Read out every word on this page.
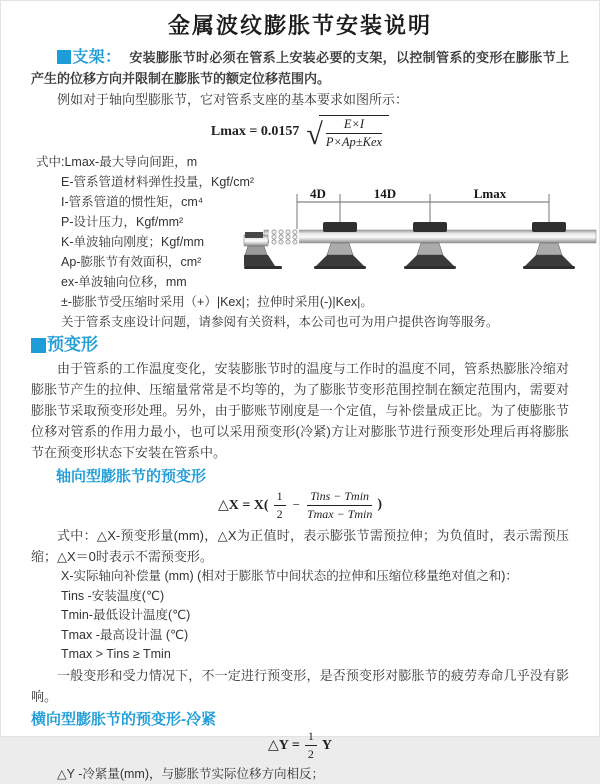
金属波纹膨胀节安装说明

支架： 安装膨胀节时必须在管系上安装必要的支架，以控制管系的变形在膨胀节上产生的位移方向并限制在膨胀节的额定位移范围内。

例如对于轴向型膨胀节，它对管系支座的基本要求如图所示：

Lmax = 0.0157 √	E×I
P×Ap±Kex
式中:Lmax-最大导向间距，m
E-管系管道材料弹性投量，Kgf/cm²
I-管系管道的惯性矩，cm⁴
P-设计压力，Kgf/mm²
K-单波轴向刚度；Kgf/mm
Ap-膨胀节有效面积，cm²
ex-单波轴向位移，mm
±-膨胀节受压缩时采用（+）|Kex|；拉伸时采用(-)|Kex|。
关于管系支座设计问题，请参阅有关资料，本公司也可为用户提供咨询等服务。
4D	14D	Lmax
预变形

由于管系的工作温度变化，安装膨胀节时的温度与工作时的温度不同，管系热膨胀冷缩对膨胀节产生的拉伸、压缩量常常是不均等的，为了膨胀节变形范围控制在额定范围内，需要对膨胀节采取预变形处理。另外，由于膨账节刚度是一个定值，与补偿量成正比。为了使膨胀节位移对管系的作用力最小，也可以采用预变形(冷紧)方让对膨胀节进行预变形处理后再将膨胀节在预变形状态下安装在管系中。

轴向型膨胀节的预变形
△X = $X( \frac{1}{2} - \frac{\text{Tins − Tmin}}{Tmax - Tmin}$ )

式中：△X-预变形量(mm)，△X为正值时，表示膨张节需预拉伸；为负值时，表示需预压缩；△X＝0时表示不需预变形。

X-实际轴向补偿量 (mm) (相对于膨胀节中间状态的拉伸和压缩位移量绝对值之和)：
Tins -安装温度(℃)
Tmin-最低设计温度(℃)
Tmax -最高设计温 (℃)
Tmax > Tins ≥ Tmin

一般变形和受力情况下，不一定进行预变形，是否预变形对膨胀节的疲劳寿命几乎没有影响。

横向型膨胀节的预变形-冷紧
△Y = $\frac{1}{2}$ Y
△Y -冷紧量(mm)，与膨胀节实际位移方向相反；
